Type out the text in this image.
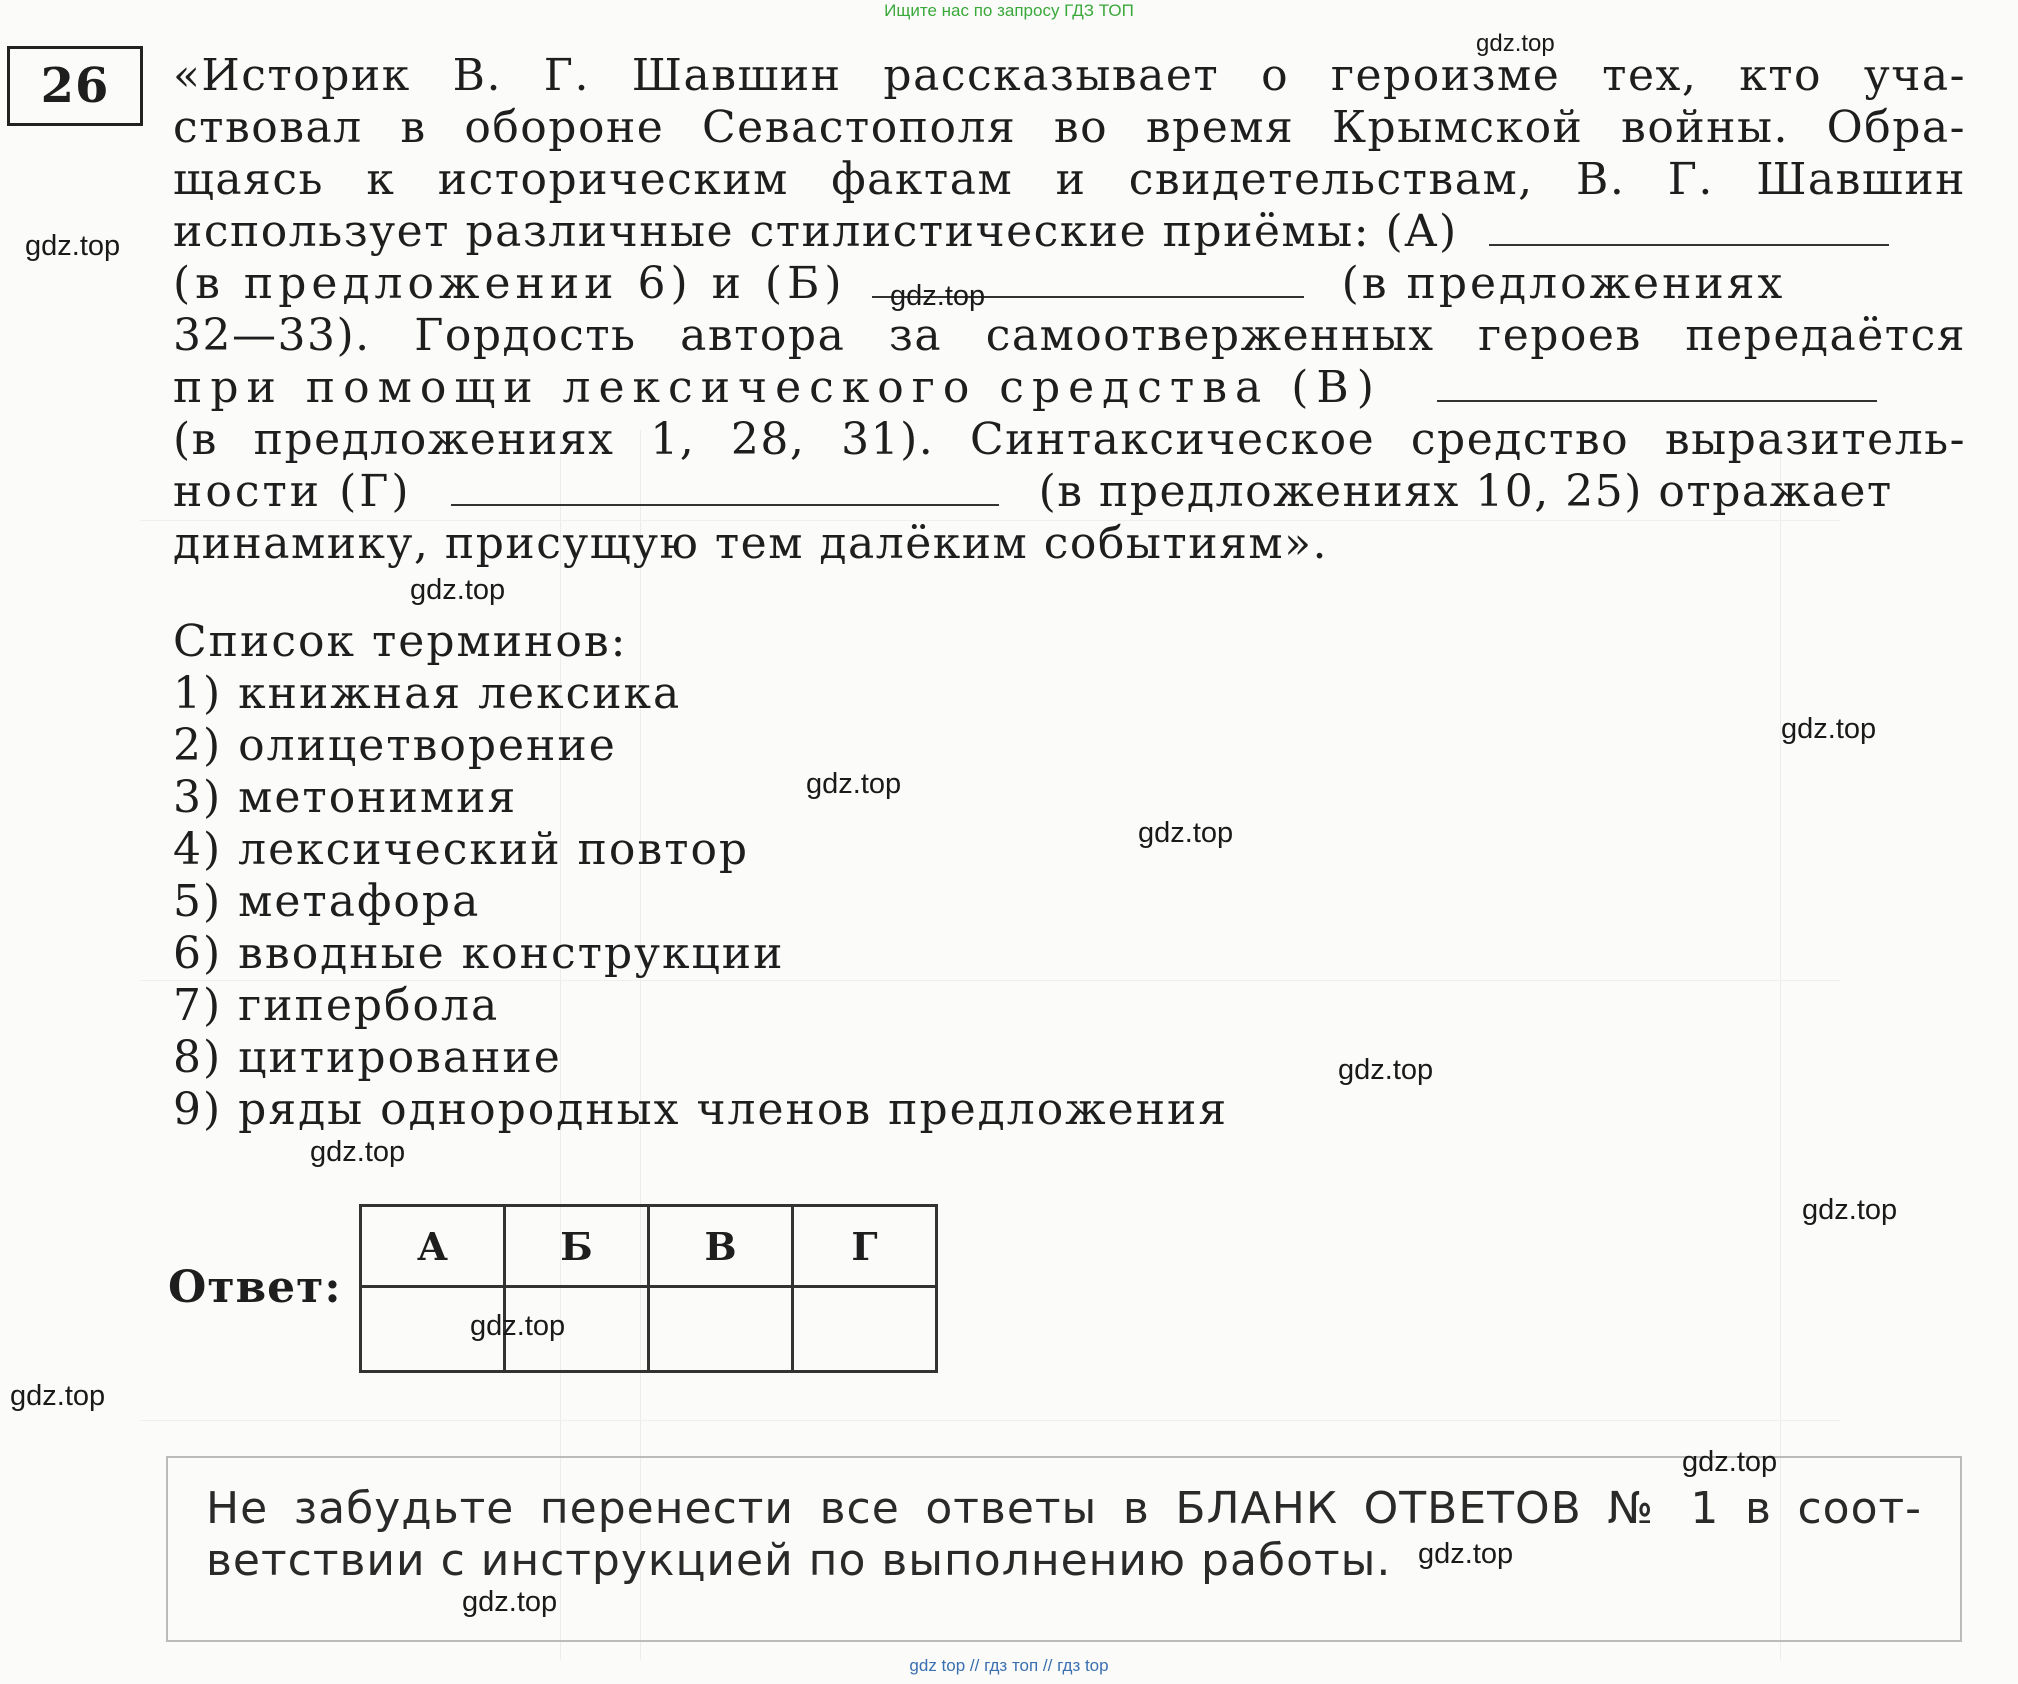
Ищите нас по запросу ГДЗ ТОП
26 «Историк В. Г. Шавшин рассказывает о героизме тех, кто уча-
ствовал в обороне Севастополя во время Крымской войны. Обра-
щаясь к историческим фактам и свидетельствам, В. Г. Шавшин
использует различные стилистические приёмы: (А)
(в предложении 6) и (Б)	(в предложениях
32—33). Гордость автора за самоотверженных героев передаётся
при помощи лексического средства (В)
(в предложениях 1, 28, 31). Синтаксическое средство выразитель-
ности (Г)	(в предложениях 10, 25) отражает
динамику, присущую тем далёким событиям».
Список терминов:
1) книжная лексика
2) олицетворение
3) метонимия
4) лексический повтор
5) метафора
6) вводные конструкции
7) гипербола
8) цитирование
9) ряды однородных членов предложения
Ответ:
А	Б	В	Г

Не забудьте перенести все ответы в БЛАНК ОТВЕТОВ № 1 в соот-
ветствии с инструкцией по выполнению работы.
gdz.top
gdz.top
gdz.top
gdz.top
gdz.top
gdz.top
gdz.top
gdz.top
gdz.top
gdz.top
gdz.top
gdz.top
gdz.top
gdz.top
gdz.top
gdz top // гдз топ // гдз top
